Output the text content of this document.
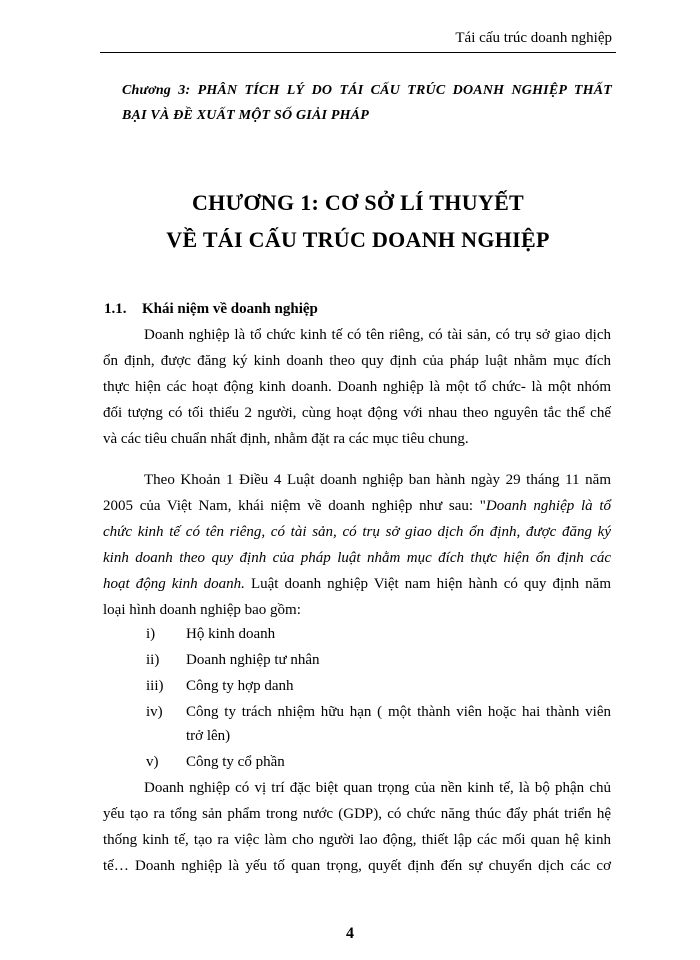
Tái cấu trúc doanh nghiệp
Chương 3: PHÂN TÍCH LÝ DO TÁI CẤU TRÚC DOANH NGHIỆP THẤT
BẠI VÀ ĐỀ XUẤT MỘT SỐ GIẢI PHÁP
CHƯƠNG 1: CƠ SỞ LÍ THUYẾT
VỀ TÁI CẤU TRÚC DOANH NGHIỆP
1.1. Khái niệm về doanh nghiệp
Doanh nghiệp là tổ chức kinh tế có tên riêng, có tài sản, có trụ sở giao dịch
ổn định, được đăng ký kinh doanh theo quy định của pháp luật nhằm mục đích
thực hiện các hoạt động kinh doanh. Doanh nghiệp là một tổ chức- là một nhóm
đối tượng có tối thiểu 2 người, cùng hoạt động với nhau theo nguyên tắc thể chế
và các tiêu chuẩn nhất định, nhằm đặt ra các mục tiêu chung.
Theo Khoản 1 Điều 4 Luật doanh nghiệp ban hành ngày 29 tháng 11 năm
2005 của Việt Nam, khái niệm về doanh nghiệp như sau: "Doanh nghiệp là tổ
chức kinh tế có tên riêng, có tài sản, có trụ sở giao dịch ổn định, được đăng ký
kinh doanh theo quy định của pháp luật nhằm mục đích thực hiện ổn định các
hoạt động kinh doanh. Luật doanh nghiệp Việt nam hiện hành có quy định năm
loại hình doanh nghiệp bao gồm:
i) Hộ kinh doanh
ii) Doanh nghiệp tư nhân
iii) Công ty hợp danh
iv) Công ty trách nhiệm hữu hạn ( một thành viên hoặc hai thành viên
trở lên)
v) Công ty cổ phần
Doanh nghiệp có vị trí đặc biệt quan trọng của nền kinh tế, là bộ phận chủ
yếu tạo ra tổng sản phẩm trong nước (GDP), có chức năng thúc đẩy phát triển hệ
thống kinh tế, tạo ra việc làm cho người lao động, thiết lập các mối quan hệ kinh
tế… Doanh nghiệp là yếu tố quan trọng, quyết định đến sự chuyển dịch các cơ
4
